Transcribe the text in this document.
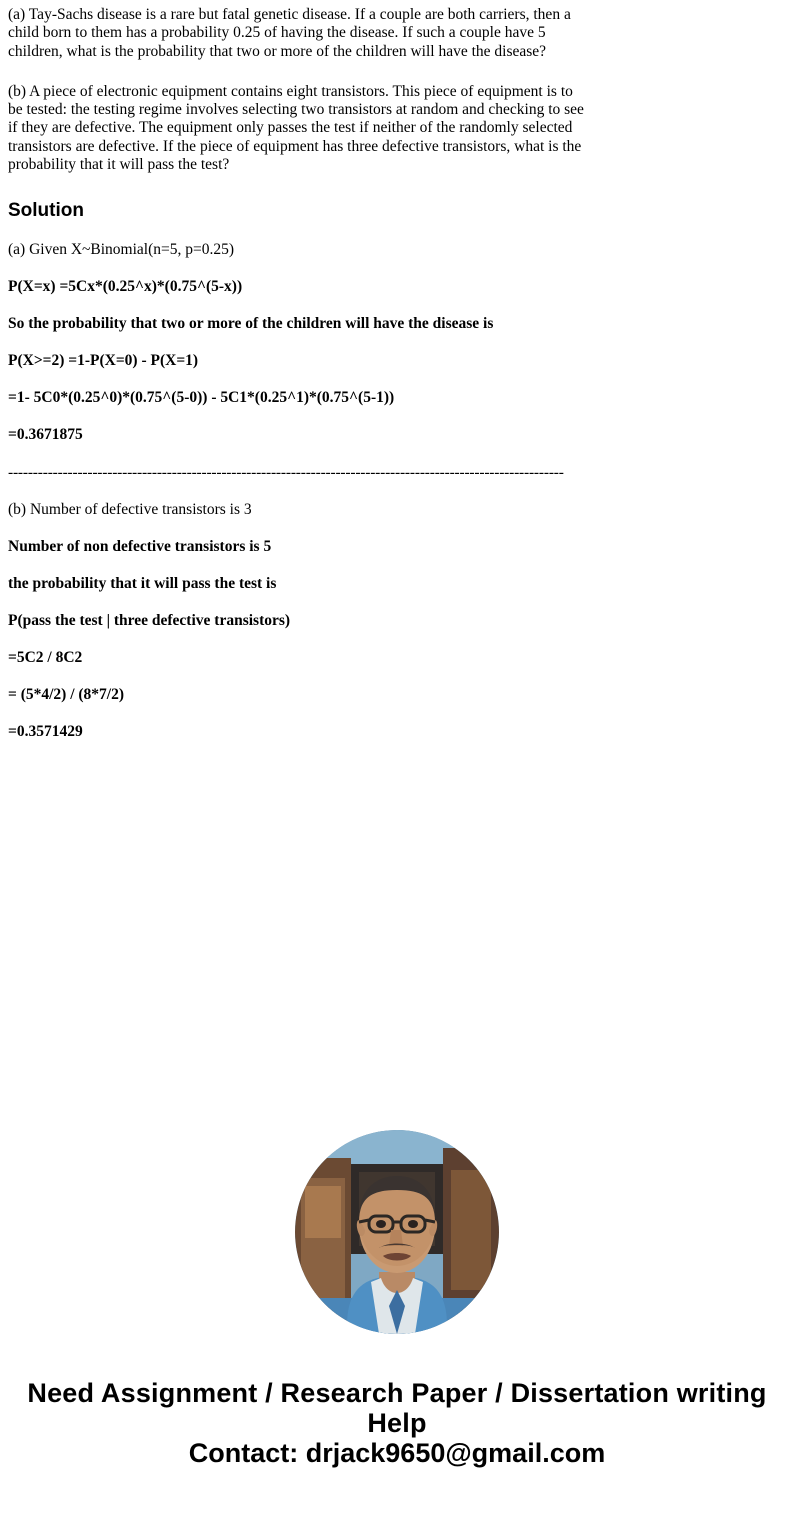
(a) Tay-Sachs disease is a rare but fatal genetic disease. If a couple are both carriers, then a child born to them has a probability 0.25 of having the disease. If such a couple have 5 children, what is the probability that two or more of the children will have the disease?

(b) A piece of electronic equipment contains eight transistors. This piece of equipment is to be tested: the testing regime involves selecting two transistors at random and checking to see if they are defective. The equipment only passes the test if neither of the randomly selected transistors are defective. If the piece of equipment has three defective transistors, what is the probability that it will pass the test?

Solution
(a) Given X~Binomial(n=5, p=0.25)
P(X=x) =5Cx*(0.25^x)*(0.75^(5-x))
So the probability that two or more of the children will have the disease is
P(X>=2) =1-P(X=0) - P(X=1)
=1- 5C0*(0.25^0)*(0.75^(5-0)) - 5C1*(0.25^1)*(0.75^(5-1))
=0.3671875
----------------------------------------------------------------------------------------------------------------
(b) Number of defective transistors is 3
Number of non defective transistors is 5
the probability that it will pass the test is
P(pass the test | three defective transistors)
=5C2 / 8C2
= (5*4/2) / (8*7/2)
=0.3571429
Need Assignment / Research Paper / Dissertation writing Help
Contact: drjack9650@gmail.com
